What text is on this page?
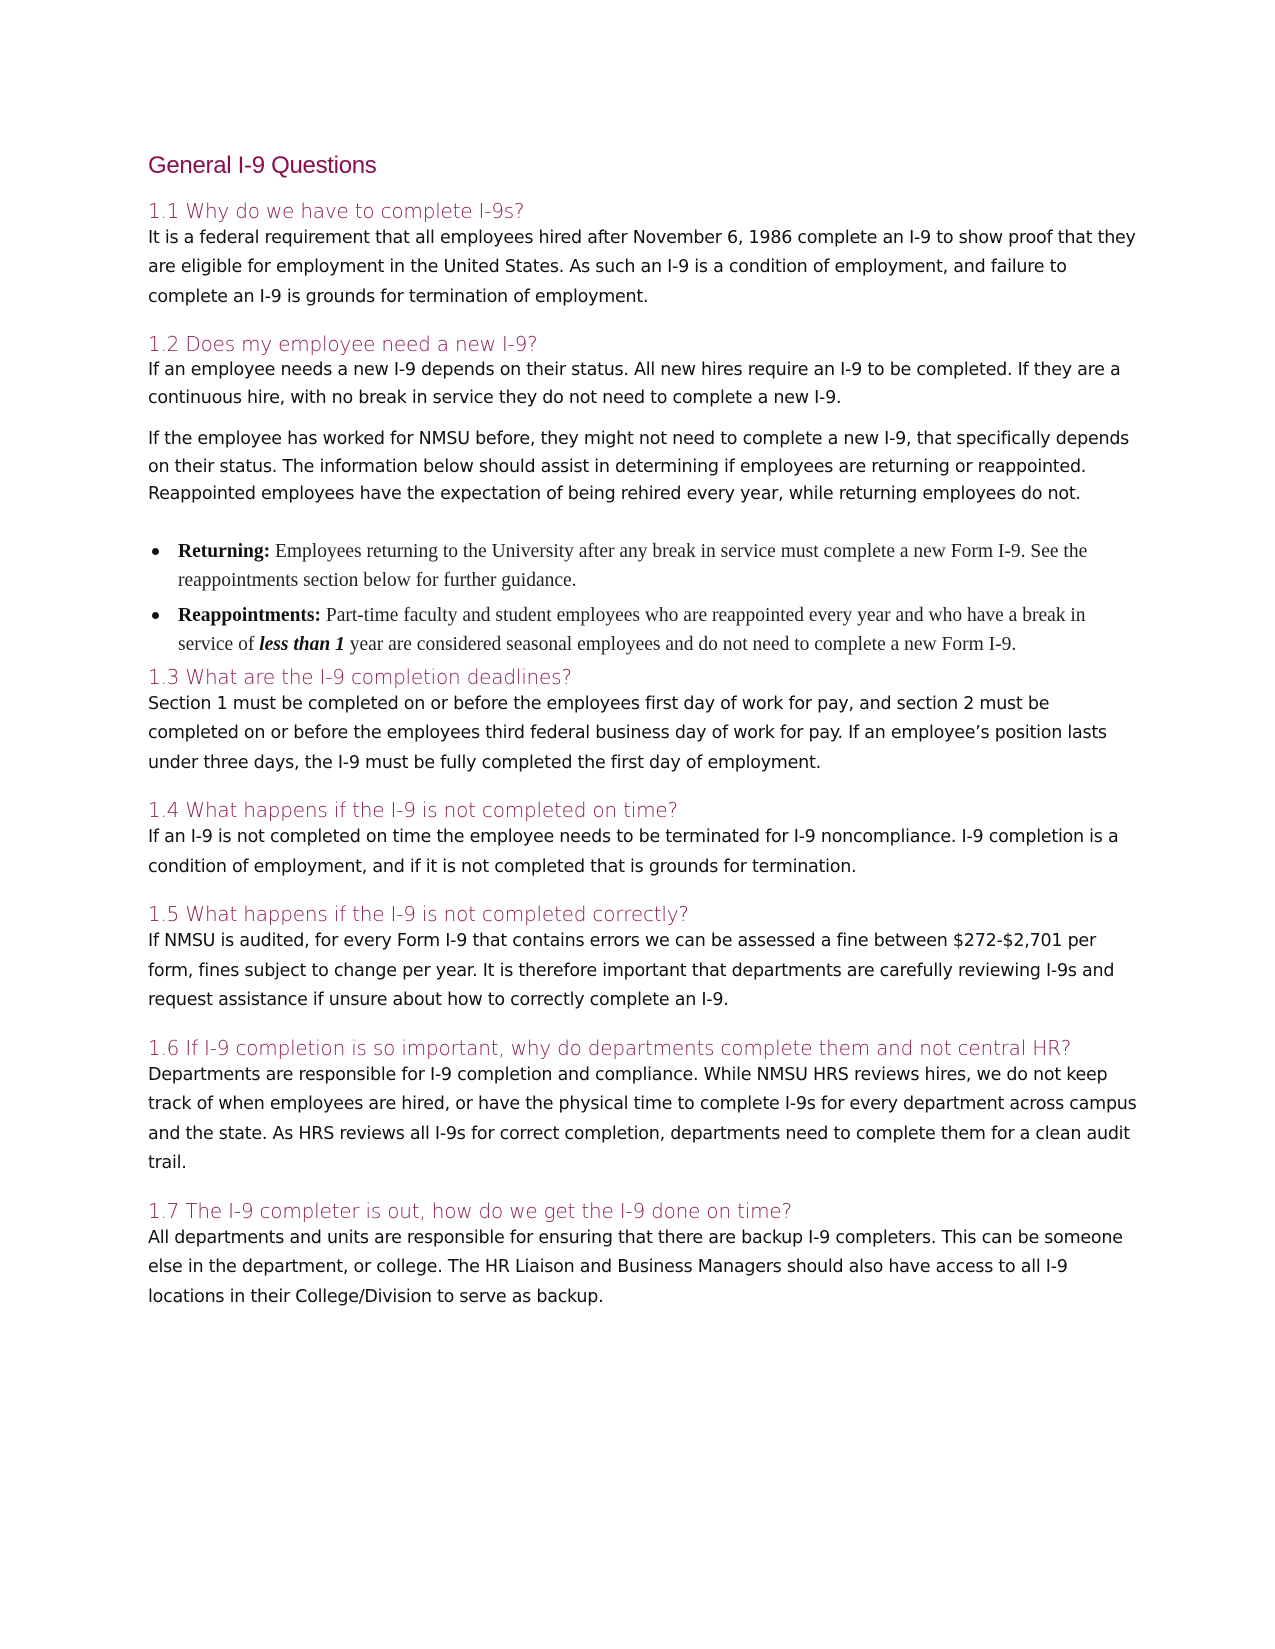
General I-9 Questions
1.1 Why do we have to complete I-9s?

It is a federal requirement that all employees hired after November 6, 1986 complete an I-9 to show proof that they are eligible for employment in the United States. As such an I-9 is a condition of employment, and failure to complete an I-9 is grounds for termination of employment.

1.2 Does my employee need a new I-9?

If an employee needs a new I-9 depends on their status. All new hires require an I-9 to be completed. If they are a continuous hire, with no break in service they do not need to complete a new I-9.

If the employee has worked for NMSU before, they might not need to complete a new I-9, that specifically depends on their status. The information below should assist in determining if employees are returning or reappointed. Reappointed employees have the expectation of being rehired every year, while returning employees do not.

Returning: Employees returning to the University after any break in service must complete a new Form I-9. See the reappointments section below for further guidance.
Reappointments: Part-time faculty and student employees who are reappointed every year and who have a break in service of less than 1 year are considered seasonal employees and do not need to complete a new Form I-9.
1.3 What are the I-9 completion deadlines?

Section 1 must be completed on or before the employees first day of work for pay, and section 2 must be completed on or before the employees third federal business day of work for pay. If an employee’s position lasts under three days, the I-9 must be fully completed the first day of employment.

1.4 What happens if the I-9 is not completed on time?

If an I-9 is not completed on time the employee needs to be terminated for I-9 noncompliance. I-9 completion is a condition of employment, and if it is not completed that is grounds for termination.

1.5 What happens if the I-9 is not completed correctly?

If NMSU is audited, for every Form I-9 that contains errors we can be assessed a fine between $272-$2,701 per form, fines subject to change per year. It is therefore important that departments are carefully reviewing I-9s and request assistance if unsure about how to correctly complete an I-9.

1.6 If I-9 completion is so important, why do departments complete them and not central HR?

Departments are responsible for I-9 completion and compliance. While NMSU HRS reviews hires, we do not keep track of when employees are hired, or have the physical time to complete I-9s for every department across campus and the state. As HRS reviews all I-9s for correct completion, departments need to complete them for a clean audit trail.

1.7 The I-9 completer is out, how do we get the I-9 done on time?

All departments and units are responsible for ensuring that there are backup I-9 completers. This can be someone else in the department, or college. The HR Liaison and Business Managers should also have access to all I-9 locations in their College/Division to serve as backup.
